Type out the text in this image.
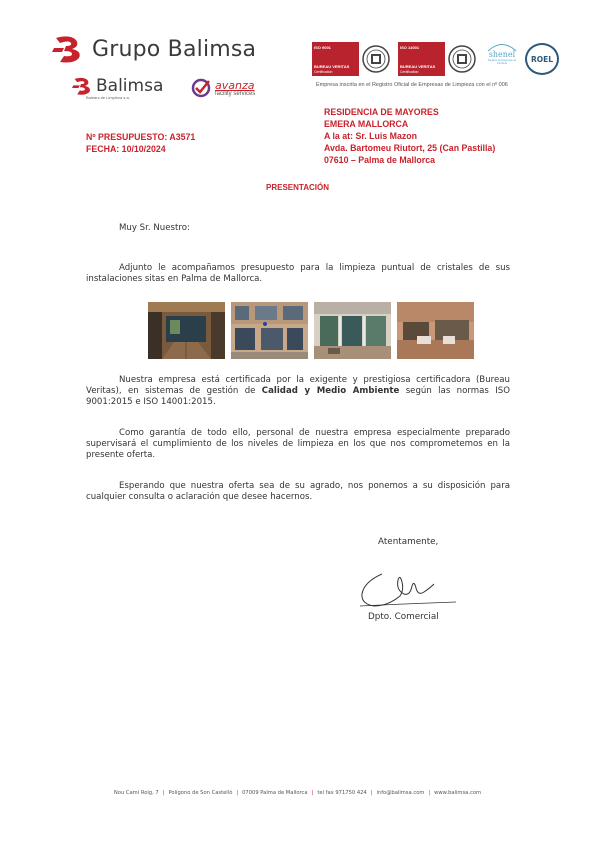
Grupo Balimsa
Balimsa
Balears de Limpieza s.a.
avanza
facility services
ISO 9001
BUREAU VERITAS
Certification
ISO 14001
BUREAU VERITAS
Certification
shenel
Registro de Empresas de Limpieza	ROEL
Empresa inscrita en el Registro Oficial de Empresas de Limpieza con el nº 006
RESIDENCIA DE MAYORES
EMERA MALLORCA
A la at: Sr. Luis Mazon
Avda. Bartomeu Riutort, 25 (Can Pastilla)
07610 – Palma de Mallorca
Nº PRESUPUESTO: A3571
FECHA: 10/10/2024
PRESENTACIÓN
Muy Sr. Nuestro:
Adjunto le acompañamos presupuesto para la limpieza puntual de cristales de sus instalaciones sitas en Palma de Mallorca.
Nuestra empresa está certificada por la exigente y prestigiosa certificadora (Bureau Veritas), en sistemas de gestión de Calidad y Medio Ambiente según las normas ISO 9001:2015 e ISO 14001:2015.
Como garantía de todo ello, personal de nuestra empresa especialmente preparado supervisará el cumplimiento de los niveles de limpieza en los que nos comprometemos en la presente oferta.
Esperando que nuestra oferta sea de su agrado, nos ponemos a su disposición para cualquier consulta o aclaración que desee hacernos.
Atentamente,
Dpto. Comercial
Nou Camí Roig, 7 | Polígono de Son Castelló | 07009 Palma de Mallorca | tel fax 971750 424 | info@balimsa.com | www.balimsa.com
